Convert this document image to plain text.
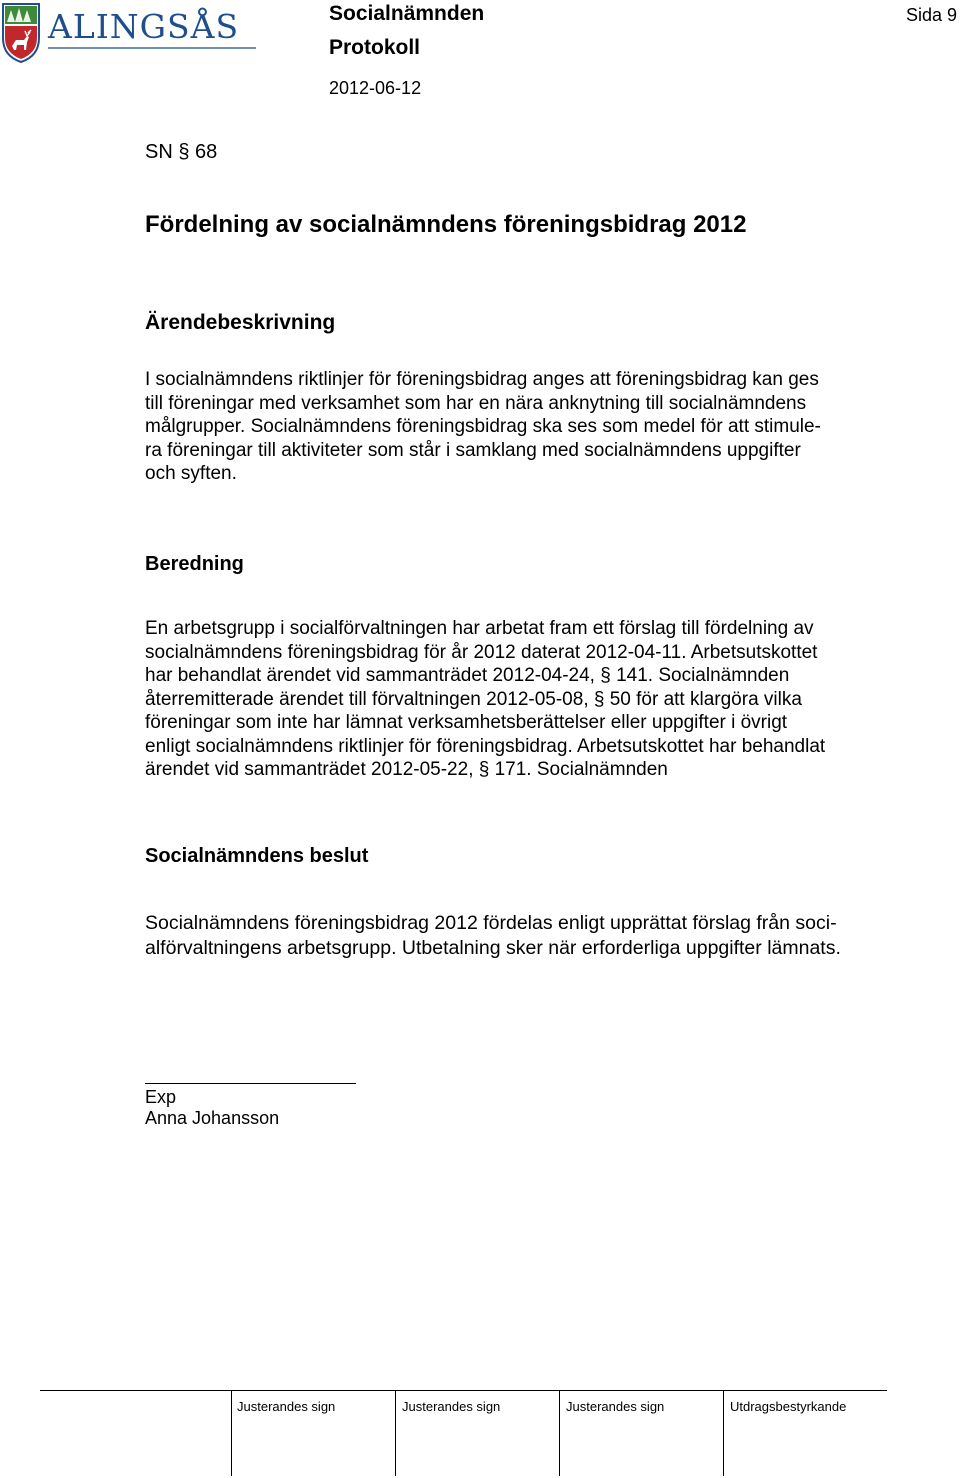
ALINGSÅS	Socialnämnden
Protokoll
2012-06-12
Sida 9
SN § 68
Fördelning av socialnämndens föreningsbidrag 2012
Ärendebeskrivning
I socialnämndens riktlinjer för föreningsbidrag anges att föreningsbidrag kan ges
till föreningar med verksamhet som har en nära anknytning till socialnämndens
målgrupper. Socialnämndens föreningsbidrag ska ses som medel för att stimule-
ra föreningar till aktiviteter som står i samklang med socialnämndens uppgifter
och syften.
Beredning
En arbetsgrupp i socialförvaltningen har arbetat fram ett förslag till fördelning av
socialnämndens föreningsbidrag för år 2012 daterat 2012-04-11. Arbetsutskottet
har behandlat ärendet vid sammanträdet 2012-04-24, § 141. Socialnämnden
återremitterade ärendet till förvaltningen 2012-05-08, § 50 för att klargöra vilka
föreningar som inte har lämnat verksamhetsberättelser eller uppgifter i övrigt
enligt socialnämndens riktlinjer för föreningsbidrag. Arbetsutskottet har behandlat
ärendet vid sammanträdet 2012-05-22, § 171. Socialnämnden
Socialnämndens beslut
Socialnämndens föreningsbidrag 2012 fördelas enligt upprättat förslag från soci-
alförvaltningens arbetsgrupp. Utbetalning sker när erforderliga uppgifter lämnats.
Exp
Anna Johansson
Justerandes sign	Justerandes sign	Justerandes sign	Utdragsbestyrkande
